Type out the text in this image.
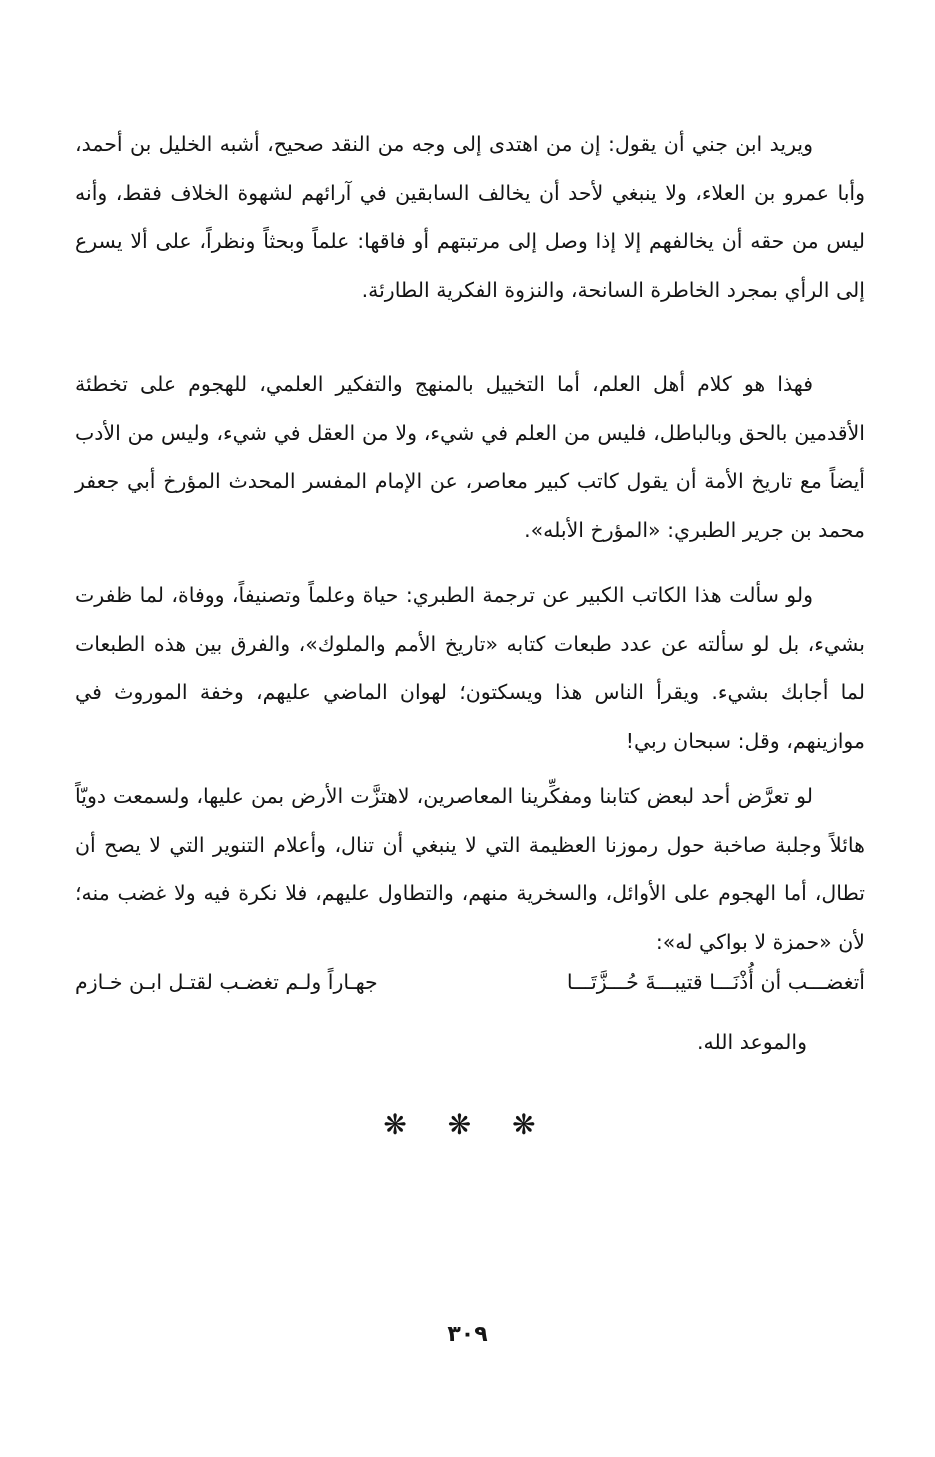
ويريد ابن جني أن يقول: إن من اهتدى إلى وجه من النقد صحيح، أشبه الخليل بن أحمد، وأبا عمرو بن العلاء، ولا ينبغي لأحد أن يخالف السابقين في آرائهم لشهوة الخلاف فقط، وأنه ليس من حقه أن يخالفهم إلا إذا وصل إلى مرتبتهم أو فاقها: علماً وبحثاً ونظراً، على ألا يسرع إلى الرأي بمجرد الخاطرة السانحة، والنزوة الفكرية الطارئة.

فهذا هو كلام أهل العلم، أما التخييل بالمنهج والتفكير العلمي، للهجوم على تخطئة الأقدمين بالحق وبالباطل، فليس من العلم في شيء، ولا من العقل في شيء، وليس من الأدب أيضاً مع تاريخ الأمة أن يقول كاتب كبير معاصر، عن الإمام المفسر المحدث المؤرخ أبي جعفر محمد بن جرير الطبري: «المؤرخ الأبله».

ولو سألت هذا الكاتب الكبير عن ترجمة الطبري: حياة وعلماً وتصنيفاً، ووفاة، لما ظفرت بشيء، بل لو سألته عن عدد طبعات كتابه «تاريخ الأمم والملوك»، والفرق بين هذه الطبعات لما أجابك بشيء. ويقرأ الناس هذا ويسكتون؛ لهوان الماضي عليهم، وخفة الموروث في موازينهم، وقل: سبحان ربي!

لو تعرَّض أحد لبعض كتابنا ومفكِّرينا المعاصرين، لاهتزَّت الأرض بمن عليها، ولسمعت دويّاً هائلاً وجلبة صاخبة حول رموزنا العظيمة التي لا ينبغي أن تنال، وأعلام التنوير التي لا يصح أن تطال، أما الهجوم على الأوائل، والسخرية منهم، والتطاول عليهم، فلا نكرة فيه ولا غضب منه؛ لأن «حمزة لا بواكي له»:

أتغضـــب أن أُذْنَـــا قتيبـــةَ حُـــزَّتَـــا
جهـاراً ولـم تغضـب لقتـل ابـن خـازم
والموعد الله.
❋ ❋ ❋
٣٠٩
